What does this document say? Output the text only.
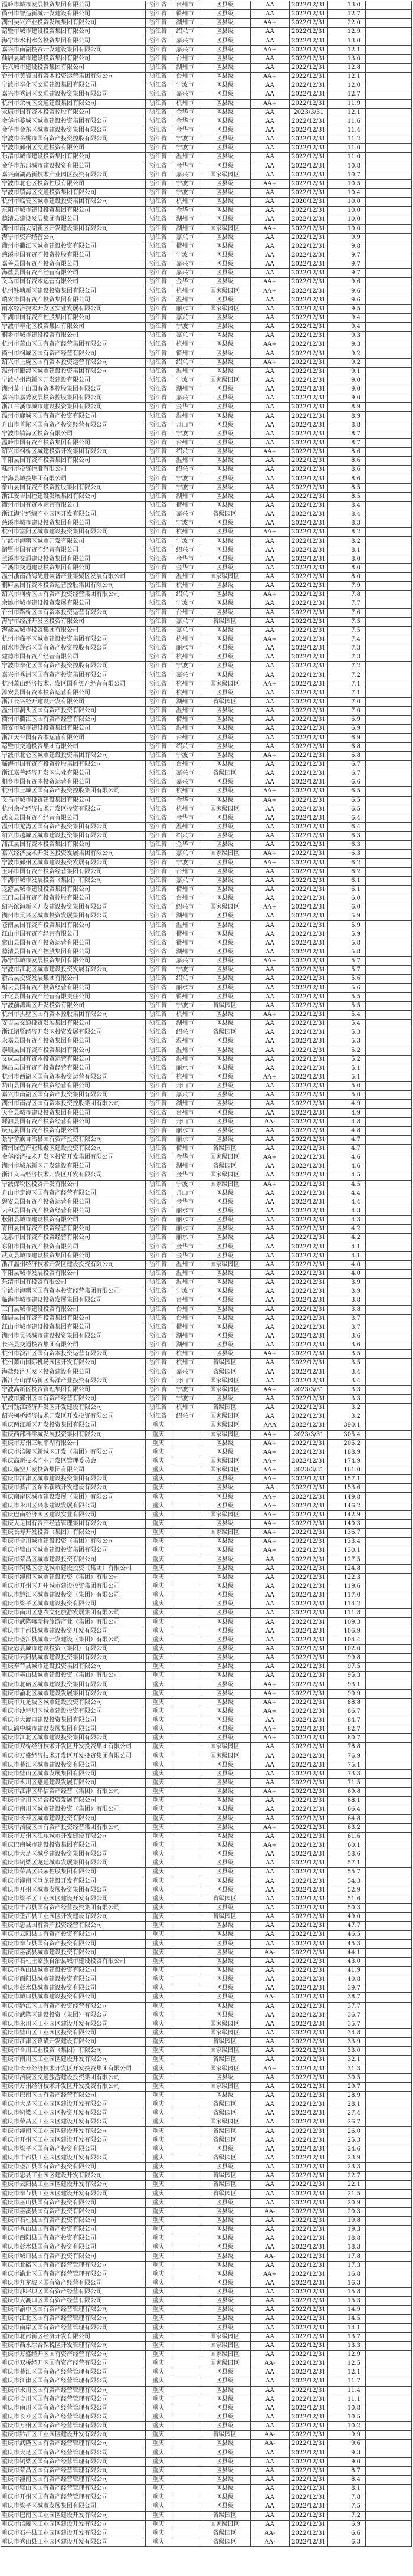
温岭市城市发展投资集团有限公司	浙江省	台州市	区县级	AA	2022/12/31	13.0	
衢州市智造新城开发建设有限公司	浙江省	衢州市	区县级	AA	2022/12/31	12.7	
湖州吴兴产业投资发展集团有限公司	浙江省	湖州市	区县级	AA+	2022/12/31	22.0	
诸暨市城市建设投资集团有限公司	浙江省	绍兴市	区县级	AA	2022/12/31	12.9	
海宁市水利水务投资集团有限公司	浙江省	嘉兴市	区县级	AA	2022/12/31	13.0	
嘉兴市南湖投资开发建设集团有限公司	浙江省	嘉兴市	区县级	AA+	2022/12/31	12.1	
仙居县城市建设投资集团有限公司	浙江省	台州市	区县级	AA	2022/12/31	13.0	
长兴城市建设投资集团有限公司	浙江省	湖州市	区县级	AA	2022/12/31	12.8	
台州市黄岩国有资本投资运营集团有限公司	浙江省	台州市	区县级	AA+	2022/12/31	12.1	
宁波市奉化区交通建设集团有限公司	浙江省	宁波市	区县级	AA	2022/12/31	12.0	
嘉兴市秀洲区交通建设投资集团有限公司	浙江省	嘉兴市	区县级	AA	2022/12/31	12.7	
杭州市余杭区交通建设集团有限公司	浙江省	杭州市	区县级	AA+	2022/12/31	11.9	
永康市国有资本投资控股有限公司	浙江省	金华市	区县级	AA	2023/3/31	12.1	
金华市婺城区城市建设投资集团有限公司	浙江省	金华市	区县级	AA	2022/12/31	11.6	
金华市金东区城市建设投资集团有限公司	浙江省	金华市	区县级	AA	2022/12/31	11.4	
宁波市余姚市国有资产投资控股有限公司	浙江省	宁波市	区县级	AA	2022/12/31	11.2	
宁波市鄞州区交通投资有限公司	浙江省	宁波市	区县级	AA	2022/12/31	11.0	
乐清市城市建设投资集团有限公司	浙江省	温州市	区县级	AA	2022/12/31	11.0	
金华市东部城市建设投资有限公司	浙江省	金华市	区县级	AA	2022/12/31	10.8	
嘉兴南湖高新技术产业园区投资有限公司	浙江省	嘉兴市	国家级园区	AA	2022/12/31	10.7	
宁波市北仑区投资控股有限公司	浙江省	宁波市	区县级	AA+	2022/12/31	10.5	
宁波市镇海区交通投资集团有限公司	浙江省	宁波市	区县级	AA	2022/12/31	10.4	
杭州市临安区城市建设投资集团有限公司	浙江省	杭州市	区县级	AA	2020/12/31	10.0	
东阳市城市建设投资集团有限公司	浙江省	金华市	区县级	AA	2022/12/31	10.0	
德清县建设发展集团有限公司	浙江省	湖州市	区县级	AA	2022/12/31	10.0	
湖州市南太湖新区开发建设集团有限公司	浙江省	湖州市	国家级园区	AA+	2022/12/31	10.0	
海宁市资产经营公司	浙江省	嘉兴市	区县级	AA	2022/12/31	9.9	
衢州市衢江区城市建设投资有限公司	浙江省	衢州市	区县级	AA	2022/12/31	9.8	
慈溪市国有资产投资控股有限公司	浙江省	宁波市	区县级	AA	2022/12/31	9.7	
嘉善县国有资产投资有限公司	浙江省	嘉兴市	区县级	AA	2022/12/31	9.7	
海盐县国有资产经营有限公司	浙江省	嘉兴市	区县级	AA	2022/12/31	9.7	
义乌市国有资本运营有限公司	浙江省	金华市	区县级	AA+	2022/12/31	9.6	
杭州钱塘新区建设投资集团有限公司	浙江省	杭州市	国家级园区	AA+	2022/12/31	9.6	
瑞安市国有资产投资集团有限公司	浙江省	温州市	区县级	AA	2022/12/31	9.6	
丽水经济技术开发区实业发展有限公司	浙江省	丽水市	国家级园区	AA	2022/12/31	9.5	
平湖市国有资产控股集团有限公司	浙江省	嘉兴市	区县级	AA	2022/12/31	9.4	
宁波市奉化区投资集团有限公司	浙江省	宁波市	区县级	AA	2022/12/31	9.4	
桐乡市城市建设投资有限公司	浙江省	嘉兴市	区县级	AA	2022/12/31	9.3	
杭州市萧山区国有资产经营集团有限公司	浙江省	杭州市	区县级	AA+	2022/12/31	9.3	
衢州市柯城区国有资产经营有限公司	浙江省	衢州市	区县级	AA	2022/12/31	9.2	
绍兴市上虞区国有资本投资运营有限公司	浙江省	绍兴市	区县级	AA+	2022/12/31	9.2	
温州市瓯海区城市建设投资集团有限公司	浙江省	温州市	区县级	AA	2022/12/31	9.1	
宁波杭州湾新区开发建设有限公司	浙江省	宁波市	国家级园区	AA	2022/12/31	9.0	
湖州莫干山国有资本控股集团有限公司	浙江省	湖州市	区县级	AA	2022/12/31	9.0	
嘉兴市嘉秀发展投资控股集团有限公司	浙江省	嘉兴市	区县级	AA	2022/12/31	9.0	
浙江兰溪市城市建设投资集团有限公司	浙江省	金华市	区县级	AA	2022/12/31	8.9	
温州市鹿城区国有资产投资有限公司	浙江省	温州市	区县级	AA	2022/12/31	8.9	
舟山市普陀区国有资产投资经营有限公司	浙江省	舟山市	区县级	AA	2022/12/31	8.8	
宁波市镇海区投资有限公司	浙江省	宁波市	区县级	AA	2022/12/31	8.7	
温岭市国有资产投资集团有限公司	浙江省	台州市	区县级	AA	2022/12/31	8.7	
绍兴市柯桥区城建投资开发集团有限公司	浙江省	绍兴市	区县级	AA+	2022/12/31	8.6	
平阳县国有资产投资集团有限公司	浙江省	温州市	区县级	AA	2022/12/31	8.6	
嵊州市投资控股有限公司	浙江省	绍兴市	区县级	AA	2022/12/31	8.6	
宁海县城投集团有限公司	浙江省	宁波市	区县级	AA	2022/12/31	8.6	
象山县国有资产投资控股集团有限公司	浙江省	宁波市	区县级	AA	2022/12/31	8.5	
浙江安吉国控建设发展集团有限公司	浙江省	湖州市	区县级	AA	2022/12/31	8.5	
衢州市国有资本运营有限公司	浙江省	衢州市	区县级	AA	2022/12/31	8.4	
浙江海宁经编产业园区开发有限公司	浙江省	嘉兴市	省级园区	AA	2022/12/31	8.4	
慈溪市城市建设投资集团有限公司	浙江省	宁波市	区县级	AA	2022/12/31	8.3	
杭州市富阳区城市建设投资集团有限公司	浙江省	杭州市	区县级	AA+	2022/12/31	8.2	
宁波市海曙区城市开发有限公司	浙江省	宁波市	区县级	AA	2022/12/31	8.2	
诸暨市国有资产经营有限公司	浙江省	绍兴市	区县级	AA	2022/12/31	8.1	
兰溪市交通建设投资集团有限公司	浙江省	金华市	区县级	AA	2022/12/31	8.0	
兰溪市交通建设投资集团有限公司	浙江省	金华市	区县级	AA	2022/12/31	8.0	
温州浙南沿海先进装备产业集聚区发展有限公司	浙江省	温州市	国家级园区	AA	2022/12/31	8.0	
桐庐县国有资本投资运营控股集团有限公司	浙江省	杭州市	区县级	AA	2022/12/31	7.9	
绍兴市柯桥区国有资产投资经营集团有限公司	浙江省	绍兴市	区县级	AA+	2022/12/31	7.8	
余姚市城市建设投资发展有限公司	浙江省	宁波市	区县级	AA	2022/12/31	7.7	
台州市路桥区国有资本投资运营有限公司	浙江省	台州市	区县级	AA	2022/12/31	7.6	
海宁市经济开发区投资有限公司	浙江省	嘉兴市	省级园区	AA	2022/12/31	7.5	
海盐县城市投资集团有限公司	浙江省	嘉兴市	区县级	AA	2022/12/31	7.5	
杭州市临平区城市建设投资集团有限公司	浙江省	杭州市	区县级	AA+	2022/12/31	7.4	
丽水市莲都区国有资产投资控股有限公司	浙江省	丽水市	区县级	AA	2022/12/31	7.3	
建德市国有资产经营有限公司	浙江省	杭州市	区县级	AA	2022/12/31	7.3	
宁波市奉化区国有资产投资控股有限公司	浙江省	宁波市	区县级	AA	2022/12/31	7.2	
嘉兴市秀洲区国有资产投资集团有限公司	浙江省	嘉兴市	区县级	AA	2022/12/31	7.2	
杭州萧山经济技术开发区国有资产经营有限公司	浙江省	杭州市	国家级园区	AA+	2022/12/31	7.1	
淳安县国有资本投资运营有限公司	浙江省	杭州市	区县级	AA	2022/12/31	7.1	
浙江长兴经开建设开发有限公司	浙江省	湖州市	省级园区	AA	2022/12/31	7.0	
温州市洞头区国有资产投资有限公司	浙江省	温州市	区县级	AA	2022/12/31	7.0	
衢州市衢江区国有资产经营有限公司	浙江省	衢州市	区县级	AA	2022/12/31	6.9	
瑞安市城市建设投资集团有限公司	浙江省	温州市	区县级	AA	2022/12/31	6.9	
浙江天台国有资本运营有限公司	浙江省	台州市	区县级	AA	2022/12/31	6.9	
诸暨市交通投资集团有限公司	浙江省	绍兴市	区县级	AA	2022/12/31	6.8	
宁波市北仑区城市建设投资集团有限公司	浙江省	宁波市	区县级	AA+	2022/12/31	6.8	
临海市国有资产投资控股集团有限公司	浙江省	台州市	区县级	AA	2022/12/31	6.7	
浙江嘉善经济开发区实业有限公司	浙江省	嘉兴市	省级园区	AA	2022/12/31	6.7	
桐乡市国有资本投资运营有限公司	浙江省	嘉兴市	区县级	AA	2022/12/31	6.6	
杭州市上城区国有资产投资控股集团有限公司	浙江省	杭州市	区县级	AA+	2022/12/31	6.5	
义乌市城市投资建设集团有限公司	浙江省	金华市	区县级	AA+	2022/12/31	6.5	
杭州余杭经济技术开发区投资有限公司	浙江省	杭州市	国家级园区	AA	2022/12/31	6.5	
武义县国有资产经营有限公司	浙江省	金华市	区县级	AA	2022/12/31	6.4	
温州市龙湾区国有资产投资集团有限公司	浙江省	温州市	区县级	AA	2022/12/31	6.4	
绍兴市越城区城市建设投资集团有限公司	浙江省	绍兴市	区县级	AA	2022/12/31	6.3	
浦江县国有资本投资集团有限公司	浙江省	金华市	区县级	AA	2022/12/31	6.3	
嘉兴经济技术开发区投资发展集团有限公司	浙江省	嘉兴市	国家级园区	AA+	2022/12/31	6.3	
宁波市鄞州区城市建设投资发展有限公司	浙江省	宁波市	区县级	AA+	2022/12/31	6.2	
玉环市国有资产投资经营集团有限公司	浙江省	台州市	区县级	AA	2022/12/31	6.2	
平湖市城市发展投资（集团）有限公司	浙江省	嘉兴市	区县级	AA	2022/12/31	6.1	
龙游县城市建设投资集团有限公司	浙江省	衢州市	区县级	AA	2022/12/31	6.1	
三门县国有资产投资控股有限公司	浙江省	台州市	区县级	AA	2022/12/31	6.0	
绍兴滨海新区开发建设投资集团有限公司	浙江省	绍兴市	国家级园区	AA+	2022/12/31	6.0	
湖州市吴兴区城市投资发展集团有限公司	浙江省	湖州市	区县级	AA	2022/12/31	5.9	
苍南县国有资产投资集团有限公司	浙江省	温州市	区县级	AA	2022/12/31	5.9	
江山市国有资产经营有限公司	浙江省	衢州市	区县级	AA	2022/12/31	5.9	
常山县国有资产投资运营有限公司	浙江省	衢州市	区县级	AA	2022/12/31	5.8	
德清县国有资产控股集团有限公司	浙江省	湖州市	区县级	AA	2022/12/31	5.8	
海宁市城市发展投资集团有限公司	浙江省	嘉兴市	区县级	AA+	2022/12/31	5.7	
宁波市江北区城市建设投资发展有限公司	浙江省	宁波市	区县级	AA	2022/12/31	5.7	
新昌县投资发展集团有限公司	浙江省	绍兴市	区县级	AA	2022/12/31	5.6	
缙云县国有资产投资经营有限公司	浙江省	丽水市	区县级	AA	2022/12/31	5.6	
开化县国有资产经营有限责任公司	浙江省	衢州市	区县级	AA	2022/12/31	5.5	
宁波前湾新区开发投资有限公司	浙江省	宁波市	省级园区	AA	2022/12/31	5.5	
杭州市拱墅区国有资本控股集团有限公司	浙江省	杭州市	区县级	AA+	2022/12/31	5.4	
安吉县交通投资发展集团有限公司	浙江省	湖州市	区县级	AA	2022/12/31	5.4	
浙江诸暨经济开发区投资发展有限公司	浙江省	绍兴市	省级园区	AA	2022/12/31	5.3	
永嘉县国有资产投资集团有限公司	浙江省	温州市	区县级	AA	2022/12/31	5.3	
泰顺县国有资产投资集团有限公司	浙江省	温州市	区县级	AA	2022/12/31	5.2	
文成县国有资本投资运营有限公司	浙江省	温州市	区县级	AA	2022/12/31	5.2	
遂昌县国有资产投资经营有限公司	浙江省	丽水市	区县级	AA	2022/12/31	5.1	
杭州市西湖区国有资本投资运营有限公司	浙江省	杭州市	区县级	AA+	2022/12/31	5.1	
岱山县国有资产投资经营有限公司	浙江省	舟山市	区县级	AA	2022/12/31	5.0	
嘉兴市南湖区国有资产投资集团有限公司	浙江省	嘉兴市	区县级	AA	2022/12/31	5.0	
湖州市南浔区国有资本投资控股集团有限公司	浙江省	湖州市	区县级	AA	2022/12/31	4.9	
天台县城市建设投资集团有限公司	浙江省	台州市	区县级	AA	2022/12/31	4.9	
嵊泗县国有资产投资经营有限公司	浙江省	舟山市	区县级	AA-	2022/12/31	4.8	
庆元县国有资产投资有限公司	浙江省	丽水市	区县级	AA	2022/12/31	4.8	
景宁畲族自治县国有资产投资有限公司	浙江省	丽水市	区县级	AA	2022/12/31	4.7	
衢州绿色产业集聚区建设投资有限公司	浙江省	衢州市	省级园区	AA	2022/12/31	4.7	
金华经济技术开发区投资开发集团有限公司	浙江省	金华市	国家级园区	AA+	2022/12/31	4.6	
湖州市城东新区开发建设有限公司	浙江省	湖州市	省级园区	AA	2022/12/31	4.6	
浙江义乌经济技术开发区开发有限公司	浙江省	金华市	国家级园区	AA	2022/12/31	4.5	
宁波保税区投资开发有限公司	浙江省	宁波市	国家级园区	AA+	2022/12/31	4.5	
舟山市定海区国有资产经营有限公司	浙江省	舟山市	区县级	AA	2022/12/31	4.4	
磐安县国有资产投资运营有限公司	浙江省	金华市	区县级	AA	2022/12/31	4.4	
云和县国有资产投资经营有限公司	浙江省	丽水市	区县级	AA	2022/12/31	4.3	
松阳县城市建设投资有限公司	浙江省	丽水市	区县级	AA	2022/12/31	4.3	
青田县国有资产投资经营有限公司	浙江省	丽水市	区县级	AA	2022/12/31	4.2	
龙泉市国有资产投资经营有限公司	浙江省	丽水市	区县级	AA	2022/12/31	4.2	
东阳市国有资产投资有限公司	浙江省	金华市	区县级	AA	2022/12/31	4.1	
武义县城市建设投资集团有限公司	浙江省	金华市	区县级	AA	2022/12/31	4.1	
浙江温州经济技术开发区建设投资有限公司	浙江省	温州市	国家级园区	AA	2022/12/31	4.0	
平阳县城市发展投资有限公司	浙江省	温州市	区县级	AA	2022/12/31	4.0	
乐清市国有投资有限公司	浙江省	温州市	区县级	AA	2022/12/31	3.9	
宁波市海曙区国有资本投资经营集团有限公司	浙江省	宁波市	区县级	AA	2022/12/31	3.9	
临海市城市建设投资发展集团有限公司	浙江省	台州市	区县级	AA	2022/12/31	3.8	
三门县城市建设投资有限公司	浙江省	台州市	区县级	AA	2022/12/31	3.8	
仙居县国有资产投资集团有限公司	浙江省	台州市	区县级	AA	2022/12/31	3.7	
江山市城市建设投资集团有限公司	浙江省	衢州市	区县级	AA	2022/12/31	3.7	
湖州市吴兴城市建设投资集团有限公司	浙江省	湖州市	区县级	AA	2022/12/31	3.6	
长兴县交通投资集团有限公司	浙江省	湖州市	区县级	AA	2022/12/31	3.6	
杭州市滨江区国有资本投资运营有限公司	浙江省	杭州市	区县级	AA+	2022/12/31	3.5	
杭州萧山国际机场园区开发有限公司	浙江省	杭州市	省级园区	AA	2022/12/31	3.5	
海盐经济开发区投资建设有限公司	浙江省	嘉兴市	省级园区	AA	2022/12/31	3.4	
浙江舟山群岛新区海洋产业投资有限公司	浙江省	舟山市	国家级园区	AA	2022/12/31	3.4	
宁波高新区投资管理集团有限公司	浙江省	宁波市	国家级园区	AA+	2023/3/31	3.3	
宁波市鄞州区国有资产经营有限公司	浙江省	宁波市	区县级	AA	2022/12/31	3.3	
杭州钱江经济开发区开发建设有限公司	浙江省	杭州市	省级园区	AA	2022/12/31	3.2	
绍兴柯桥经济技术开发区开发投资有限公司	浙江省	绍兴市	国家级园区	AA	2022/12/31	3.2	
重庆两江新区开发投资集团有限公司	重庆		国家级园区	AAA	2022/12/31	390.1	
重庆西部科学城发展投资集团有限公司	重庆		国家级园区	AA+	2023/3/31	305.4	
重庆市万州三峡平湖有限公司	重庆		区县级	AA+	2022/12/31	205.2	
重庆市涪陵区新城区开发（集团）有限公司	重庆		区县级	AA+	2022/12/31	188.9	
重庆高新技术产业开发区管理委员会	重庆		国家级园区	AA+	2022/12/31	174.9	
重庆临空开发投资集团有限公司	重庆		国家级园区	AA+	2023/3/31	161.0	
重庆市江津区城市建设投资集团有限公司	重庆		区县级	AA+	2022/12/31	157.1	
重庆市綦江区东部新城开发建设有限公司	重庆		区县级	AA	2022/12/31	153.6	
重庆南岸区城市建设发展（集团）有限公司	重庆		区县级	AA+	2022/12/31	149.8	
重庆市永川区兴永建设发展有限公司	重庆		区县级	AA+	2022/12/31	146.2	
重庆巴南经济园区建设实业有限公司	重庆		国家级园区	AA+	2022/12/31	142.9	
重庆大足国有资产经营管理集团有限公司	重庆		区县级	AA+	2022/12/31	140.3	
重庆长寿开发投资（集团）有限公司	重庆		国家级园区	AA+	2022/12/31	136.7	
重庆市合川城市建设投资（集团）有限公司	重庆		区县级	AA+	2022/12/31	133.4	
重庆市璧山区城市建设投资集团有限公司	重庆		区县级	AA+	2022/12/31	130.1	
重庆市荣昌区城市建设投资有限公司	重庆		区县级	AA	2022/12/31	127.5	
重庆市铜梁区金龙城市建设投资（集团）有限公司	重庆		区县级	AA	2022/12/31	124.8	
重庆市潼南区城市建设投资（集团）有限公司	重庆		区县级	AA	2022/12/31	122.3	
重庆市开州区开州城市建设投资集团有限公司	重庆		区县级	AA	2022/12/31	119.6	
重庆市黔江区城市建设投资（集团）有限公司	重庆		区县级	AA	2022/12/31	117.0	
重庆市梁平区城市建设投资有限公司	重庆		区县级	AA	2022/12/31	114.2	
重庆市南川区惠农文化旅游发展集团有限公司	重庆		区县级	AA	2022/12/31	111.8	
重庆市武隆喀斯特旅游产业（集团）有限公司	重庆		区县级	AA	2022/12/31	109.3	
重庆市丰都县城市建设投资开发有限公司	重庆		区县级	AA	2022/12/31	106.9	
重庆市垫江县城市开发建设（集团）有限公司	重庆		区县级	AA	2022/12/31	104.4	
重庆忠县城市建设投资（集团）有限公司	重庆		区县级	AA	2022/12/31	102.0	
重庆市云阳县城市建设投资集团有限公司	重庆		区县级	AA	2022/12/31	99.8	
重庆奉节县城市建设投资集团有限公司	重庆		区县级	AA	2022/12/31	97.5	
重庆市巫山县城市建设投资（集团）有限公司	重庆		区县级	AA	2022/12/31	95.3	
重庆市北碚区城市建设投资集团有限公司	重庆		区县级	AA+	2022/12/31	93.1	
重庆市渝北区城市建设发展集团有限公司	重庆		区县级	AA+	2022/12/31	90.9	
重庆市九龙坡区城市建设投资有限公司	重庆		区县级	AA+	2022/12/31	88.8	
重庆市沙坪坝区城市建设投资有限公司	重庆		区县级	AA+	2022/12/31	86.7	
重庆市大渡口建设投资集团有限公司	重庆		区县级	AA	2022/12/31	84.7	
重庆渝中城市建设发展集团有限公司	重庆		区县级	AA+	2022/12/31	82.7	
重庆市江北区城市建设投资集团有限公司	重庆		区县级	AA+	2022/12/31	80.7	
重庆市双桥经济技术开发区开发投资集团有限公司	重庆		国家级园区	AA	2022/12/31	78.8	
重庆市万盛经济技术开发区开发投资集团有限公司	重庆		国家级园区	AA	2022/12/31	76.9	
重庆市綦江区城市建设投资有限公司	重庆		区县级	AA	2022/12/31	75.1	
重庆市璧山区城市发展集团有限公司	重庆		区县级	AA	2022/12/31	73.3	
重庆市永川区惠通建设发展有限公司	重庆		区县级	AA	2022/12/31	71.5	
重庆市江津区华信资产经营（集团）有限公司	重庆		区县级	AA+	2022/12/31	69.8	
重庆市合川区兴合投资发展有限公司	重庆		区县级	AA	2022/12/31	68.1	
重庆市南川区城市建设投资（集团）有限公司	重庆		区县级	AA	2022/12/31	66.4	
重庆市长寿区城市建设投资有限公司	重庆		区县级	AA	2022/12/31	64.8	
重庆市涪陵区国有资产投资经营集团有限公司	重庆		区县级	AA+	2022/12/31	63.2	
重庆市万州区江东城市开发建设有限公司	重庆		区县级	AA	2022/12/31	61.6	
重庆巴南城市建设投资集团有限公司	重庆		区县级	AA+	2022/12/31	60.1	
重庆市大足区城乡建设投资集团有限公司	重庆		区县级	AA	2022/12/31	58.6	
重庆市铜梁区龙廷城市发展集团有限公司	重庆		区县级	AA	2022/12/31	57.1	
重庆市荣昌区兴荣控股集团有限公司	重庆		区县级	AA	2022/12/31	55.7	
重庆市潼南区巨龙建设开发有限公司	重庆		区县级	AA	2022/12/31	54.3	
重庆市开州区城市发展投资集团有限公司	重庆		区县级	AA	2022/12/31	52.9	
重庆市梁平区工业园区建设开发有限公司	重庆		省级园区	AA	2022/12/31	51.6	
重庆市丰都县国有资产经营投资集团有限公司	重庆		区县级	AA	2022/12/31	50.3	
重庆市垫江县工业园区开发建设有限公司	重庆		省级园区	AA	2022/12/31	49.0	
重庆市忠县国有资产投资经营有限公司	重庆		区县级	AA	2022/12/31	47.7	
重庆市云阳县国有资产投资有限公司	重庆		区县级	AA	2022/12/31	46.5	
重庆市奉节县国有资产投资有限公司	重庆		区县级	AA	2022/12/31	45.3	
重庆市巫溪县城市建设投资有限公司	重庆		区县级	AA-	2022/12/31	44.1	
重庆市石柱土家族自治县城市建设投资有限公司	重庆		区县级	AA	2022/12/31	43.0	
重庆市秀山县城市建设投资有限公司	重庆		区县级	AA	2022/12/31	41.9	
重庆市酉阳县城市建设投资有限公司	重庆		区县级	AA	2022/12/31	40.8	
重庆市彭水县城市建设投资有限公司	重庆		区县级	AA	2022/12/31	39.7	
重庆市城口县城市建设投资有限公司	重庆		区县级	AA-	2022/12/31	38.7	
重庆市黔江区国有资产投资经营有限公司	重庆		区县级	AA	2022/12/31	37.7	
重庆市武隆区建设投资（集团）有限公司	重庆		区县级	AA	2022/12/31	36.7	
重庆市永川区工业园区建设开发有限公司	重庆		国家级园区	AA	2022/12/31	35.7	
重庆市璧山区工业园区投资有限公司	重庆		国家级园区	AA	2022/12/31	34.8	
重庆市江津区珞璜开发建设有限公司	重庆		省级园区	AA	2022/12/31	33.9	
重庆市合川工业投资（集团）有限公司	重庆		国家级园区	AA	2022/12/31	33.0	
重庆市南川区工业园区建设开发有限公司	重庆		省级园区	AA	2022/12/31	32.1	
重庆市长寿经济技术开发区开发投资集团有限公司	重庆		国家级园区	AA+	2022/12/31	31.3	
重庆市涪陵区交通旅游建设投资集团有限公司	重庆		区县级	AA	2022/12/31	30.5	
重庆市万州经济技术开发区开发投资有限公司	重庆		国家级园区	AA	2022/12/31	29.7	
重庆市巴南区国有资产经营有限公司	重庆		区县级	AA	2022/12/31	28.9	
重庆市大足区工业园区建设开发有限公司	重庆		省级园区	AA	2022/12/31	28.1	
重庆市铜梁区工业园区投资开发有限公司	重庆		省级园区	AA	2022/12/31	27.4	
重庆市荣昌区工业园区建设开发有限公司	重庆		国家级园区	AA	2022/12/31	26.7	
重庆市潼南区工业园区建设开发有限公司	重庆		省级园区	AA	2022/12/31	26.0	
重庆市开州区工业园区建设开发有限公司	重庆		省级园区	AA	2022/12/31	25.3	
重庆市梁平区国有资产投资有限公司	重庆		区县级	AA	2022/12/31	24.6	
重庆市丰都县工业园区建设开发有限公司	重庆		省级园区	AA	2022/12/31	23.9	
重庆市垫江县国有资产投资有限公司	重庆		区县级	AA	2022/12/31	23.3	
重庆市忠县工业园区建设开发有限公司	重庆		省级园区	AA	2022/12/31	22.7	
重庆市云阳县工业园区建设开发有限公司	重庆		省级园区	AA	2022/12/31	22.1	
重庆市奉节县工业园区建设开发有限公司	重庆		省级园区	AA	2022/12/31	21.5	
重庆市巫山县国有资产投资有限公司	重庆		区县级	AA	2022/12/31	20.9	
重庆市巫溪县国有资产投资有限公司	重庆		区县级	AA-	2022/12/31	20.3	
重庆市石柱县国有资产投资有限公司	重庆		区县级	AA	2022/12/31	19.8	
重庆市秀山县国有资产投资有限公司	重庆		区县级	AA	2022/12/31	19.3	
重庆市酉阳县国有资产投资有限公司	重庆		区县级	AA	2022/12/31	18.8	
重庆市彭水县国有资产投资有限公司	重庆		区县级	AA	2022/12/31	18.3	
重庆市城口县国有资产投资有限公司	重庆		区县级	AA-	2022/12/31	17.8	
重庆市北碚区国有资产经营管理有限公司	重庆		区县级	AA	2022/12/31	17.3	
重庆市渝北区国有资产经营管理有限公司	重庆		区县级	AA+	2022/12/31	16.8	
重庆市九龙坡区国有资产经营有限公司	重庆		区县级	AA	2022/12/31	16.3	
重庆市沙坪坝区国有资产经营有限公司	重庆		区县级	AA	2022/12/31	15.8	
重庆市大渡口区国有资产经营有限公司	重庆		区县级	AA	2022/12/31	15.3	
重庆市渝中区国有资产经营管理有限公司	重庆		区县级	AA	2022/12/31	14.9	
重庆市江北区国有资产经营管理有限公司	重庆		区县级	AA	2022/12/31	14.5	
重庆市南岸区国有资产经营管理有限公司	重庆		区县级	AA	2022/12/31	14.1	
重庆市北部新区经济开发有限公司	重庆		国家级园区	AA	2022/12/31	13.7	
重庆市西永综合保税区开发管理有限公司	重庆		国家级园区	AA	2022/12/31	13.3	
重庆市万盛经开区国有资产经营有限公司	重庆		国家级园区	AA	2022/12/31	12.9	
重庆市双桥经开区国有资产经营有限公司	重庆		国家级园区	AA-	2022/12/31	12.5	
重庆市綦江区国有资产经营管理有限公司	重庆		区县级	AA	2022/12/31	12.1	
重庆市江津区国有资产经营管理有限公司	重庆		区县级	AA	2022/12/31	11.7	
重庆市永川区国有资产经营管理有限公司	重庆		区县级	AA	2022/12/31	11.4	
重庆市合川区国有资产经营管理有限公司	重庆		区县级	AA	2022/12/31	11.1	
重庆市南川区国有资产经营管理有限公司	重庆		区县级	AA	2022/12/31	10.8	
重庆市长寿区国有资产经营管理有限公司	重庆		区县级	AA	2022/12/31	10.5	
重庆市万州区国有资产经营管理有限公司	重庆		区县级	AA	2022/12/31	10.2	
重庆市黔江区工业园区建设开发有限公司	重庆		省级园区	AA-	2022/12/31	9.9	
重庆市武隆区国有资产经营管理有限公司	重庆		区县级	AA-	2022/12/31	9.6	
重庆市大足区国有资产经营管理有限公司	重庆		区县级	AA	2022/12/31	9.3	
重庆市铜梁区国有资产经营管理有限公司	重庆		区县级	AA	2022/12/31	9.0	
重庆市荣昌区国有资产经营管理有限公司	重庆		区县级	AA	2022/12/31	8.7	
重庆市潼南区国有资产经营管理有限公司	重庆		区县级	AA	2022/12/31	8.4	
重庆市璧山区国有资产经营管理有限公司	重庆		区县级	AA	2022/12/31	8.1	
重庆市开州区国有资产经营管理有限公司	重庆		区县级	AA	2022/12/31	7.8	
重庆市梁平区城市发展集团有限公司	重庆		区县级	AA	2022/12/31	7.5	
重庆市巴南区工业园区建设开发有限公司	重庆		省级园区	AA	2022/12/31	7.2	
重庆市涪陵区工业园区建设开发有限公司	重庆		国家级园区	AA	2022/12/31	6.9	
重庆市石柱县工业园区建设开发有限公司	重庆		省级园区	AA-	2022/12/31	6.6	
重庆市秀山县工业园区建设开发有限公司	重庆		省级园区	AA-	2022/12/31	6.3	
